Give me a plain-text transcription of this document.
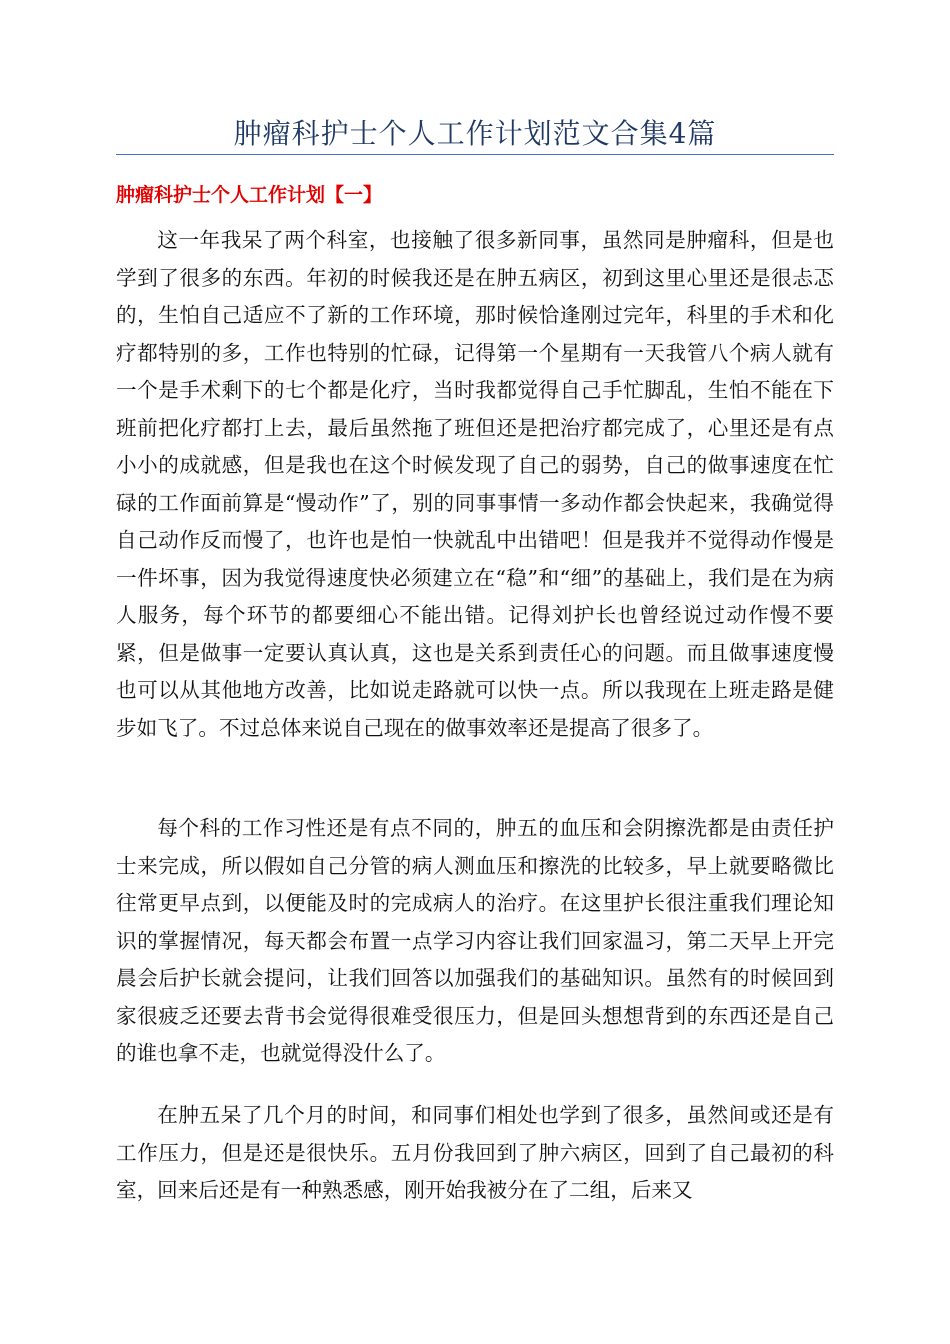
肿瘤科护士个人工作计划范文合集4篇
肿瘤科护士个人工作计划【一】

这一年我呆了两个科室，也接触了很多新同事，虽然同是肿瘤科，但是也学到了很多的东西。年初的时候我还是在肿五病区，初到这里心里还是很忐忑的，生怕自己适应不了新的工作环境，那时候恰逢刚过完年，科里的手术和化疗都特别的多，工作也特别的忙碌，记得第一个星期有一天我管八个病人就有一个是手术剩下的七个都是化疗，当时我都觉得自己手忙脚乱，生怕不能在下班前把化疗都打上去，最后虽然拖了班但还是把治疗都完成了，心里还是有点小小的成就感，但是我也在这个时候发现了自己的弱势，自己的做事速度在忙碌的工作面前算是“慢动作”了，别的同事事情一多动作都会快起来，我确觉得自己动作反而慢了，也许也是怕一快就乱中出错吧！但是我并不觉得动作慢是一件坏事，因为我觉得速度快必须建立在“稳”和“细”的基础上，我们是在为病人服务，每个环节的都要细心不能出错。记得刘护长也曾经说过动作慢不要紧，但是做事一定要认真认真，这也是关系到责任心的问题。而且做事速度慢也可以从其他地方改善，比如说走路就可以快一点。所以我现在上班走路是健步如飞了。不过总体来说自己现在的做事效率还是提高了很多了。

每个科的工作习性还是有点不同的，肿五的血压和会阴擦洗都是由责任护士来完成，所以假如自己分管的病人测血压和擦洗的比较多，早上就要略微比往常更早点到，以便能及时的完成病人的治疗。在这里护长很注重我们理论知识的掌握情况，每天都会布置一点学习内容让我们回家温习，第二天早上开完晨会后护长就会提问，让我们回答以加强我们的基础知识。虽然有的时候回到家很疲乏还要去背书会觉得很难受很压力，但是回头想想背到的东西还是自己的谁也拿不走，也就觉得没什么了。

在肿五呆了几个月的时间，和同事们相处也学到了很多，虽然间或还是有工作压力，但是还是很快乐。五月份我回到了肿六病区，回到了自己最初的科室，回来后还是有一种熟悉感，刚开始我被分在了二组，后来又
